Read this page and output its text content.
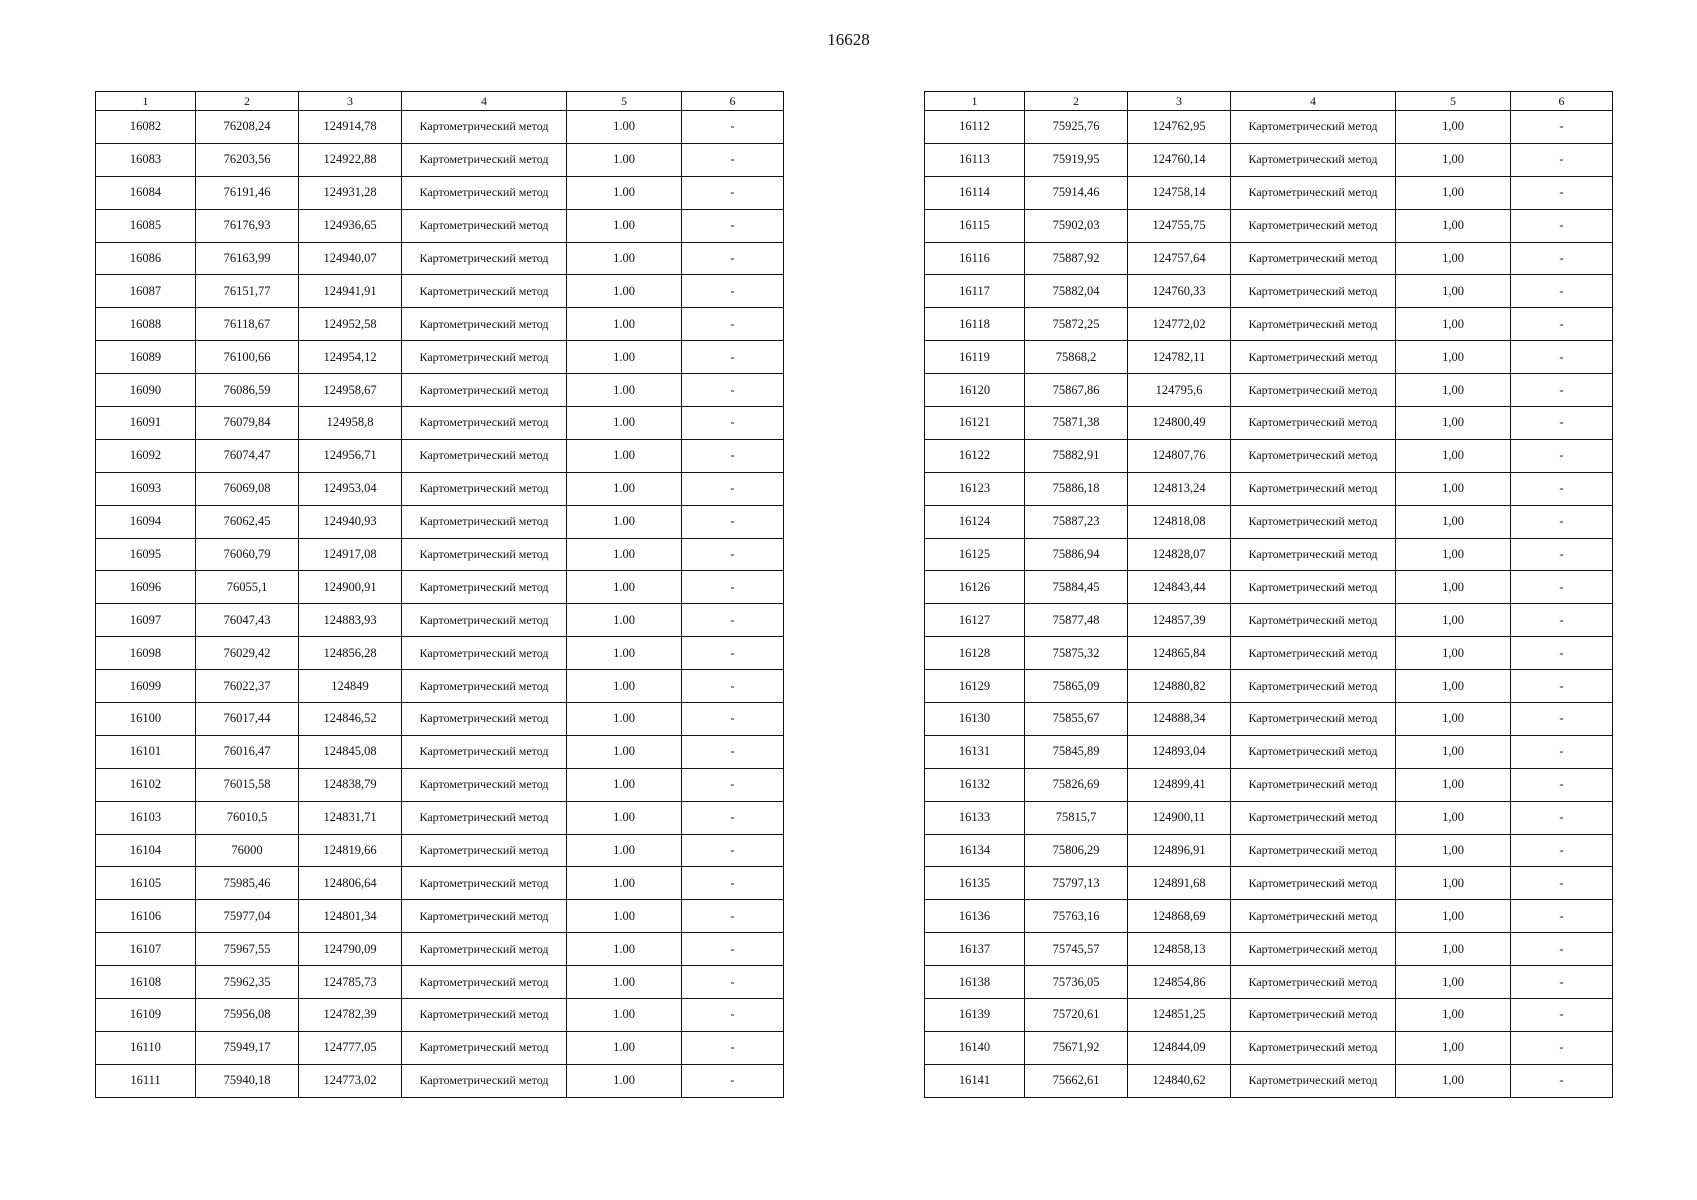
16628
1	2	3	4	5	6
16082	76208,24	124914,78	Картометрический метод	1.00	-
16083	76203,56	124922,88	Картометрический метод	1.00	-
16084	76191,46	124931,28	Картометрический метод	1.00	-
16085	76176,93	124936,65	Картометрический метод	1.00	-
16086	76163,99	124940,07	Картометрический метод	1.00	-
16087	76151,77	124941,91	Картометрический метод	1.00	-
16088	76118,67	124952,58	Картометрический метод	1.00	-
16089	76100,66	124954,12	Картометрический метод	1.00	-
16090	76086,59	124958,67	Картометрический метод	1.00	-
16091	76079,84	124958,8	Картометрический метод	1.00	-
16092	76074,47	124956,71	Картометрический метод	1.00	-
16093	76069,08	124953,04	Картометрический метод	1.00	-
16094	76062,45	124940,93	Картометрический метод	1.00	-
16095	76060,79	124917,08	Картометрический метод	1.00	-
16096	76055,1	124900,91	Картометрический метод	1.00	-
16097	76047,43	124883,93	Картометрический метод	1.00	-
16098	76029,42	124856,28	Картометрический метод	1.00	-
16099	76022,37	124849	Картометрический метод	1.00	-
16100	76017,44	124846,52	Картометрический метод	1.00	-
16101	76016,47	124845,08	Картометрический метод	1.00	-
16102	76015,58	124838,79	Картометрический метод	1.00	-
16103	76010,5	124831,71	Картометрический метод	1.00	-
16104	76000	124819,66	Картометрический метод	1.00	-
16105	75985,46	124806,64	Картометрический метод	1.00	-
16106	75977,04	124801,34	Картометрический метод	1.00	-
16107	75967,55	124790,09	Картометрический метод	1.00	-
16108	75962,35	124785,73	Картометрический метод	1.00	-
16109	75956,08	124782,39	Картометрический метод	1.00	-
16110	75949,17	124777,05	Картометрический метод	1.00	-
16111	75940,18	124773,02	Картометрический метод	1.00	-
1	2	3	4	5	6
16112	75925,76	124762,95	Картометрический метод	1,00	-
16113	75919,95	124760,14	Картометрический метод	1,00	-
16114	75914,46	124758,14	Картометрический метод	1,00	-
16115	75902,03	124755,75	Картометрический метод	1,00	-
16116	75887,92	124757,64	Картометрический метод	1,00	-
16117	75882,04	124760,33	Картометрический метод	1,00	-
16118	75872,25	124772,02	Картометрический метод	1,00	-
16119	75868,2	124782,11	Картометрический метод	1,00	-
16120	75867,86	124795,6	Картометрический метод	1,00	-
16121	75871,38	124800,49	Картометрический метод	1,00	-
16122	75882,91	124807,76	Картометрический метод	1,00	-
16123	75886,18	124813,24	Картометрический метод	1,00	-
16124	75887,23	124818,08	Картометрический метод	1,00	-
16125	75886,94	124828,07	Картометрический метод	1,00	-
16126	75884,45	124843,44	Картометрический метод	1,00	-
16127	75877,48	124857,39	Картометрический метод	1,00	-
16128	75875,32	124865,84	Картометрический метод	1,00	-
16129	75865,09	124880,82	Картометрический метод	1,00	-
16130	75855,67	124888,34	Картометрический метод	1,00	-
16131	75845,89	124893,04	Картометрический метод	1,00	-
16132	75826,69	124899,41	Картометрический метод	1,00	-
16133	75815,7	124900,11	Картометрический метод	1,00	-
16134	75806,29	124896,91	Картометрический метод	1,00	-
16135	75797,13	124891,68	Картометрический метод	1,00	-
16136	75763,16	124868,69	Картометрический метод	1,00	-
16137	75745,57	124858,13	Картометрический метод	1,00	-
16138	75736,05	124854,86	Картометрический метод	1,00	-
16139	75720,61	124851,25	Картометрический метод	1,00	-
16140	75671,92	124844,09	Картометрический метод	1,00	-
16141	75662,61	124840,62	Картометрический метод	1,00	-
